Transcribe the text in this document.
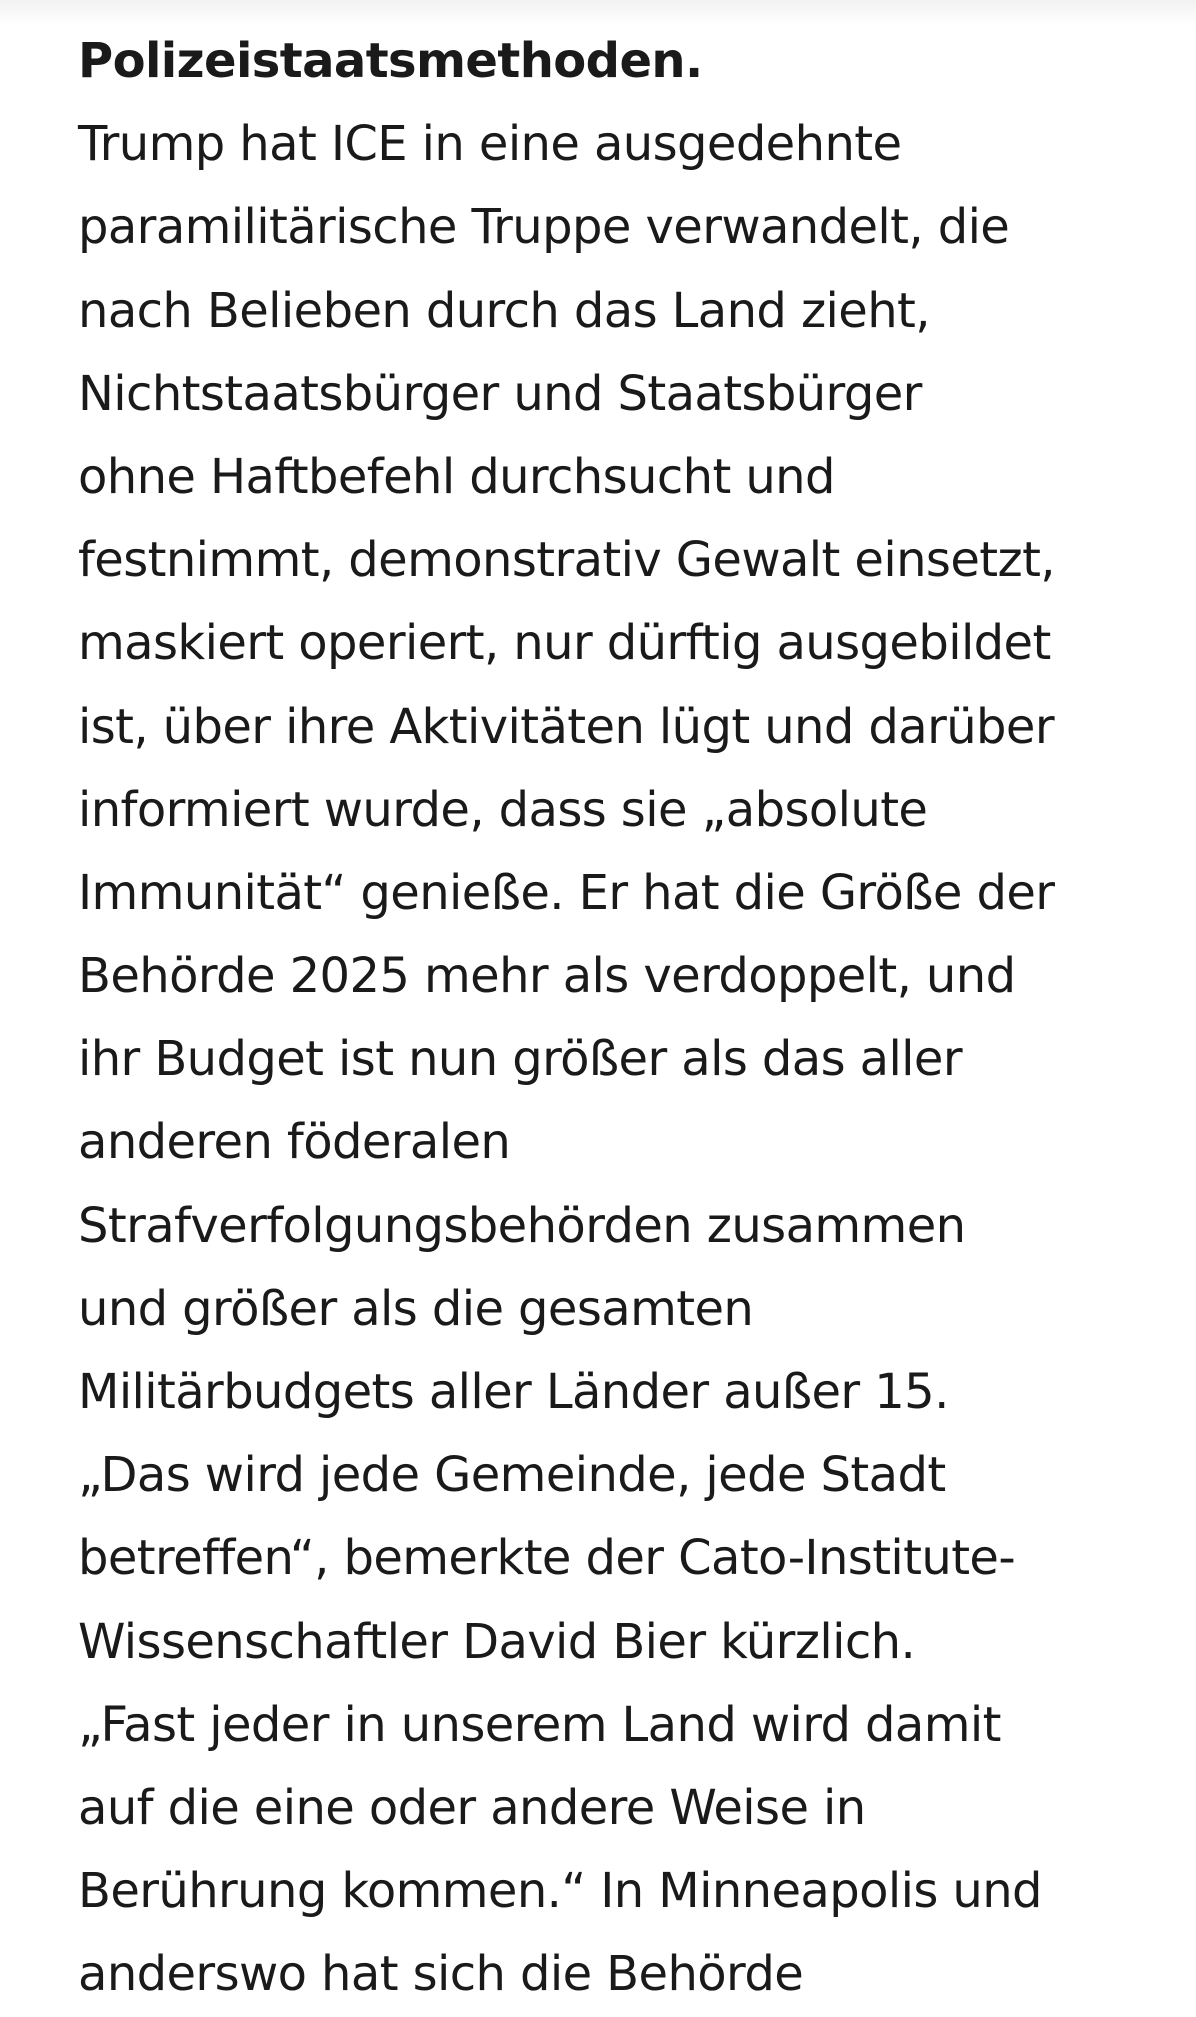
Polizeistaatsmethoden.
Trump hat ICE in eine ausgedehnte
paramilitärische Truppe verwandelt, die
nach Belieben durch das Land zieht,
Nichtstaatsbürger und Staatsbürger
ohne Haftbefehl durchsucht und
festnimmt, demonstrativ Gewalt einsetzt,
maskiert operiert, nur dürftig ausgebildet
ist, über ihre Aktivitäten lügt und darüber
informiert wurde, dass sie „absolute
Immunität“ genieße. Er hat die Größe der
Behörde 2025 mehr als verdoppelt, und
ihr Budget ist nun größer als das aller
anderen föderalen
Strafverfolgungsbehörden zusammen
und größer als die gesamten
Militärbudgets aller Länder außer 15.
„Das wird jede Gemeinde, jede Stadt
betreffen“, bemerkte der Cato-Institute-
Wissenschaftler David Bier kürzlich.
„Fast jeder in unserem Land wird damit
auf die eine oder andere Weise in
Berührung kommen.“ In Minneapolis und
anderswo hat sich die Behörde
